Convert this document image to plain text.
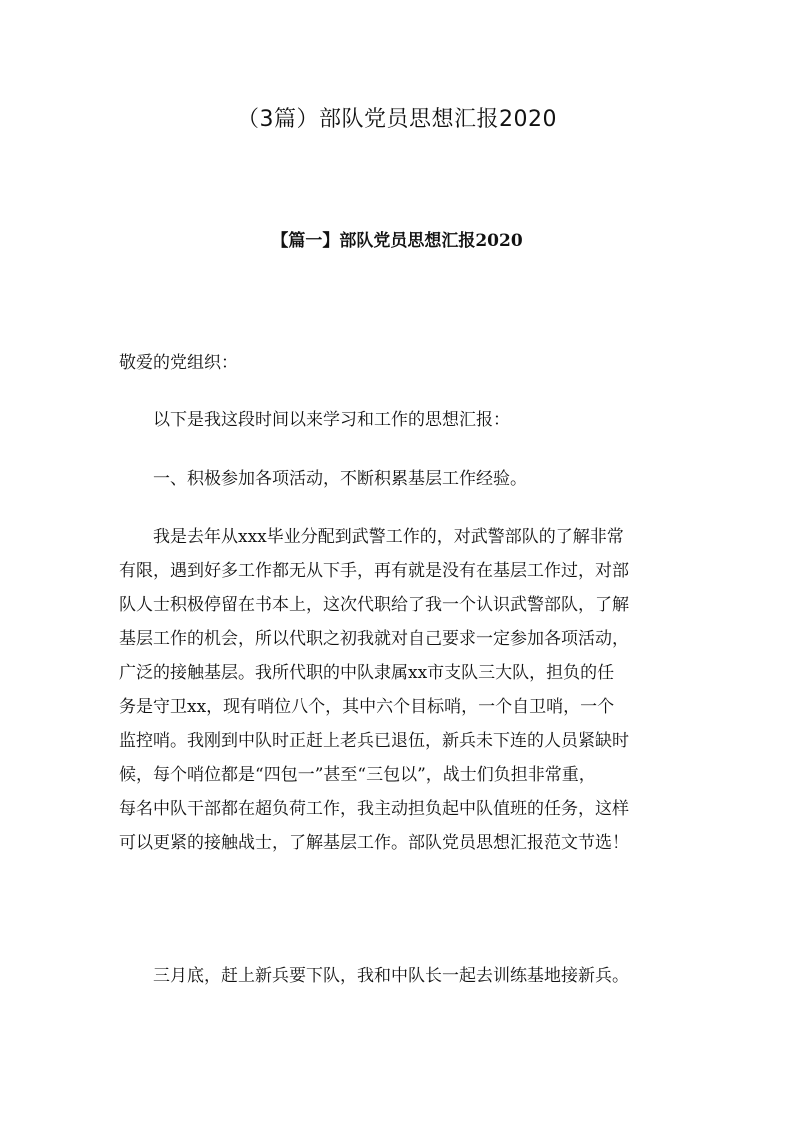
（3篇）部队党员思想汇报2020
【篇一】部队党员思想汇报2020
敬爱的党组织：
以下是我这段时间以来学习和工作的思想汇报：
一、积极参加各项活动，不断积累基层工作经验。
我是去年从xxx毕业分配到武警工作的，对武警部队的了解非常
有限，遇到好多工作都无从下手，再有就是没有在基层工作过，对部
队人士积极停留在书本上，这次代职给了我一个认识武警部队，了解
基层工作的机会，所以代职之初我就对自己要求一定参加各项活动，
广泛的接触基层。我所代职的中队隶属xx市支队三大队，担负的任
务是守卫xx，现有哨位八个，其中六个目标哨，一个自卫哨，一个
监控哨。我刚到中队时正赶上老兵已退伍，新兵未下连的人员紧缺时
候，每个哨位都是“四包一”甚至“三包以”，战士们负担非常重，
每名中队干部都在超负荷工作，我主动担负起中队值班的任务，这样
可以更紧的接触战士，了解基层工作。部队党员思想汇报范文节选！
三月底，赶上新兵要下队，我和中队长一起去训练基地接新兵。
